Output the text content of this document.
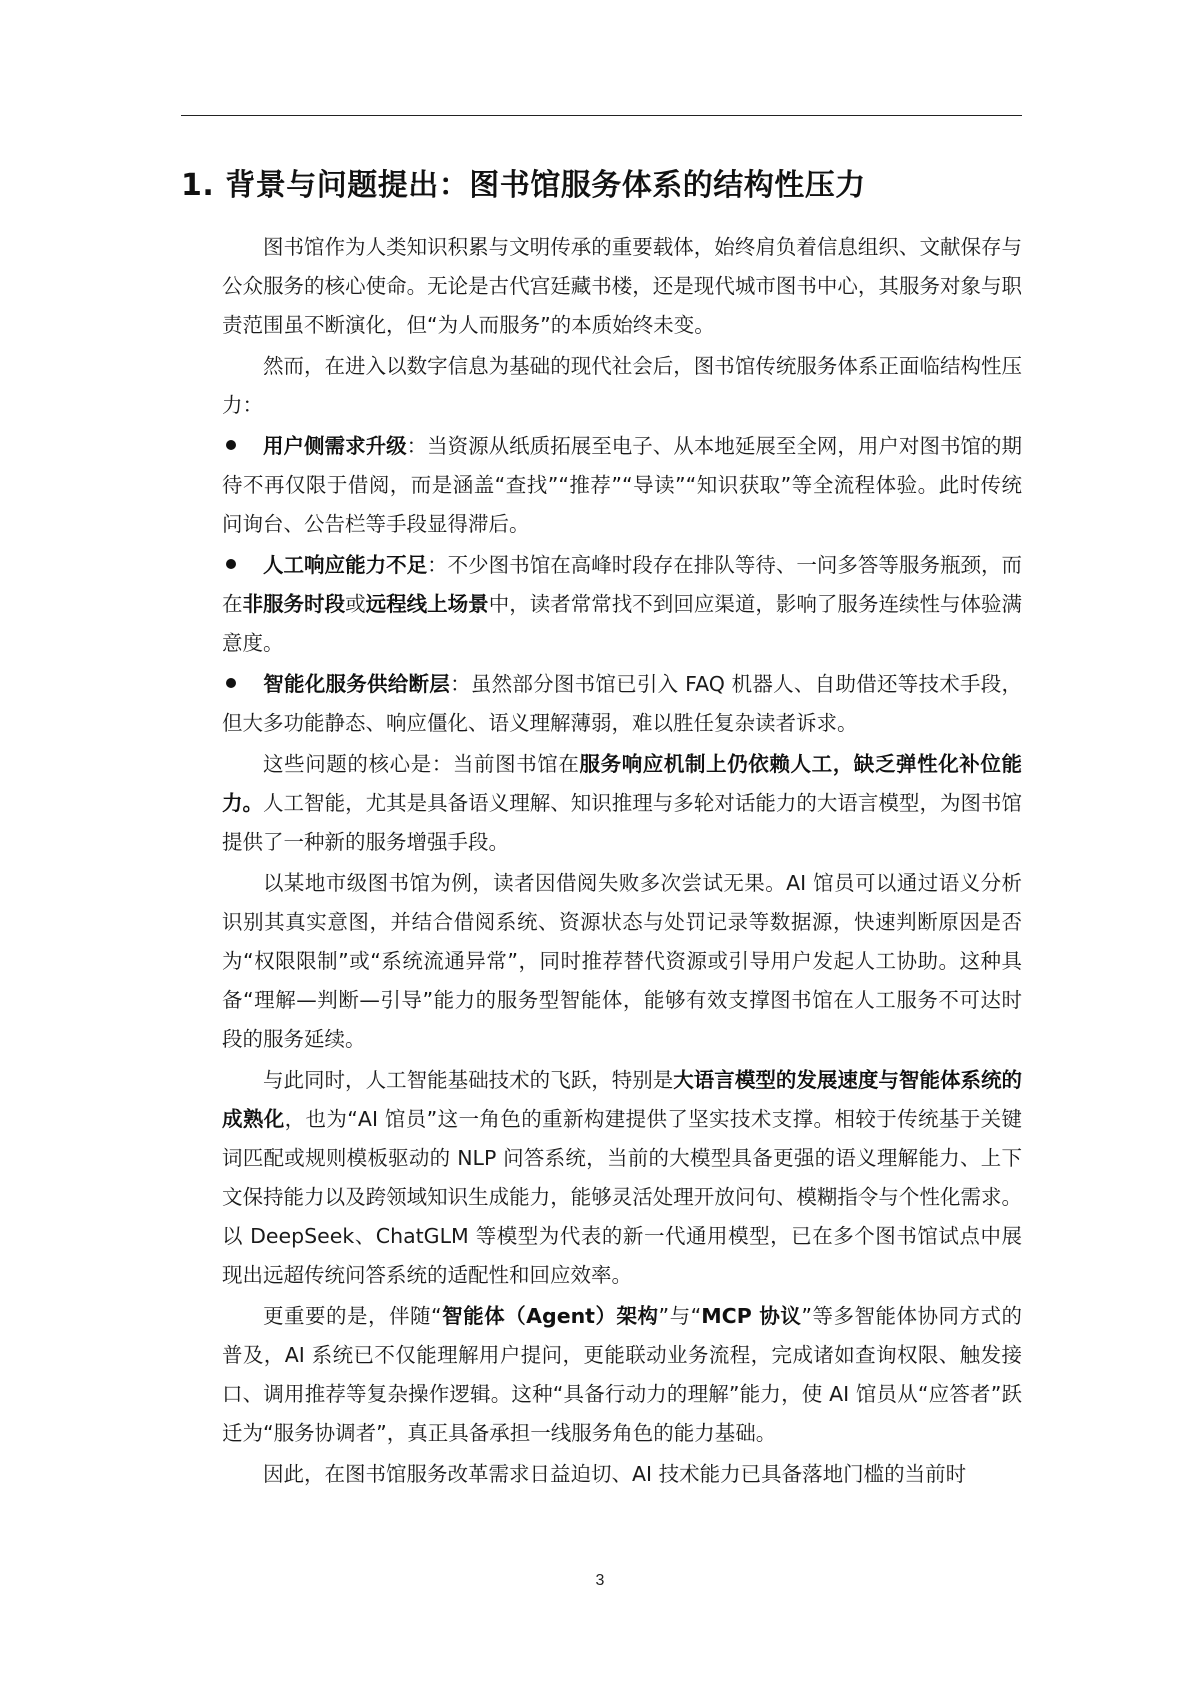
1. 背景与问题提出：图书馆服务体系的结构性压力

图书馆作为人类知识积累与文明传承的重要载体，始终肩负着信息组织、文献保存与公众服务的核心使命。无论是古代宫廷藏书楼，还是现代城市图书中心，其服务对象与职责范围虽不断演化，但“为人而服务”的本质始终未变。

然而，在进入以数字信息为基础的现代社会后，图书馆传统服务体系正面临结构性压力：

用户侧需求升级：当资源从纸质拓展至电子、从本地延展至全网，用户对图书馆的期待不再仅限于借阅，而是涵盖“查找”“推荐”“导读”“知识获取”等全流程体验。此时传统问询台、公告栏等手段显得滞后。

人工响应能力不足：不少图书馆在高峰时段存在排队等待、一问多答等服务瓶颈，而在非服务时段或远程线上场景中，读者常常找不到回应渠道，影响了服务连续性与体验满意度。

智能化服务供给断层：虽然部分图书馆已引入 FAQ 机器人、自助借还等技术手段，但大多功能静态、响应僵化、语义理解薄弱，难以胜任复杂读者诉求。

这些问题的核心是：当前图书馆在服务响应机制上仍依赖人工，缺乏弹性化补位能力。人工智能，尤其是具备语义理解、知识推理与多轮对话能力的大语言模型，为图书馆提供了一种新的服务增强手段。

以某地市级图书馆为例，读者因借阅失败多次尝试无果。AI 馆员可以通过语义分析识别其真实意图，并结合借阅系统、资源状态与处罚记录等数据源，快速判断原因是否为“权限限制”或“系统流通异常”，同时推荐替代资源或引导用户发起人工协助。这种具备“理解—判断—引导”能力的服务型智能体，能够有效支撑图书馆在人工服务不可达时段的服务延续。

与此同时，人工智能基础技术的飞跃，特别是大语言模型的发展速度与智能体系统的成熟化，也为“AI 馆员”这一角色的重新构建提供了坚实技术支撑。相较于传统基于关键词匹配或规则模板驱动的 NLP 问答系统，当前的大模型具备更强的语义理解能力、上下文保持能力以及跨领域知识生成能力，能够灵活处理开放问句、模糊指令与个性化需求。以 DeepSeek、ChatGLM 等模型为代表的新一代通用模型，已在多个图书馆试点中展现出远超传统问答系统的适配性和回应效率。

更重要的是，伴随“智能体（Agent）架构”与“MCP 协议”等多智能体协同方式的普及，AI 系统已不仅能理解用户提问，更能联动业务流程，完成诸如查询权限、触发接口、调用推荐等复杂操作逻辑。这种“具备行动力的理解”能力，使 AI 馆员从“应答者”跃迁为“服务协调者”，真正具备承担一线服务角色的能力基础。

因此，在图书馆服务改革需求日益迫切、AI 技术能力已具备落地门槛的当前时

3
